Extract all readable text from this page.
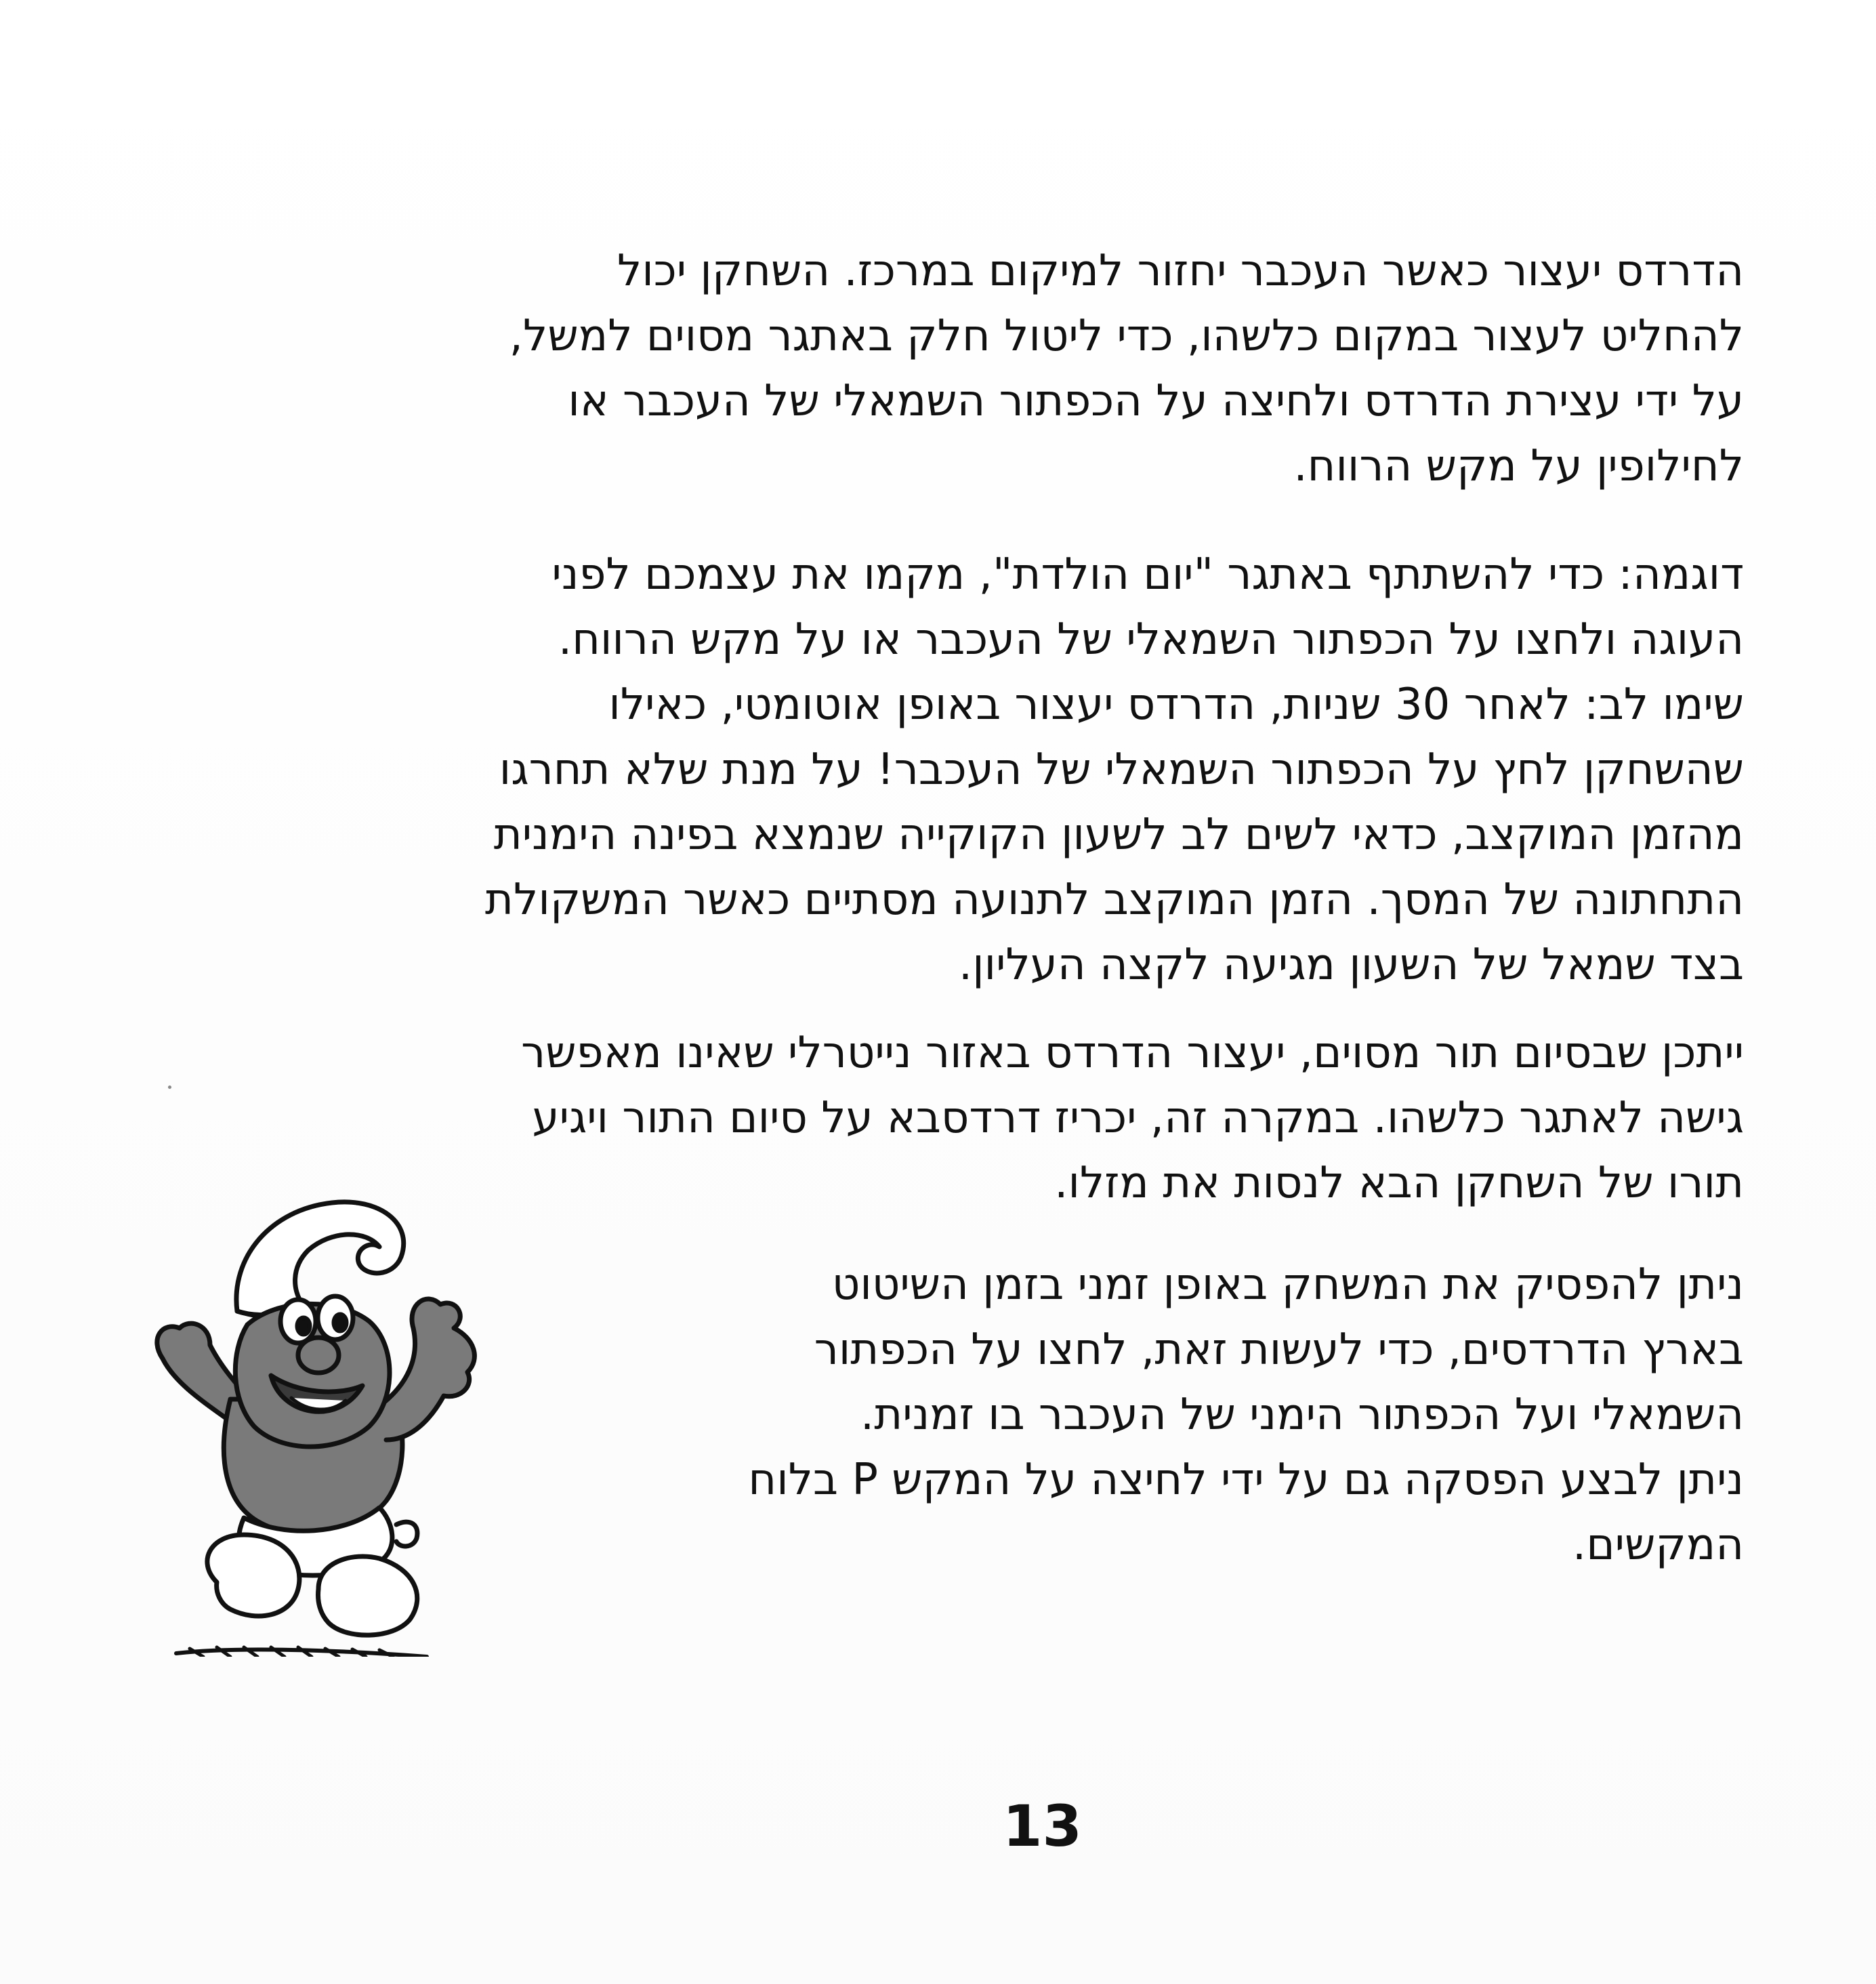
הדרדס יעצור כאשר העכבר יחזור למיקום במרכז. השחקן יכול
להחליט לעצור במקום כלשהו, כדי ליטול חלק באתגר מסוים למשל,
על ידי עצירת הדרדס ולחיצה על הכפתור השמאלי של העכבר או
לחילופין על מקש הרווח.
דוגמה: כדי להשתתף באתגר "יום הולדת", מקמו את עצמכם לפני
העוגה ולחצו על הכפתור השמאלי של העכבר או על מקש הרווח.
שימו לב: לאחר 30 שניות, הדרדס יעצור באופן אוטומטי, כאילו
שהשחקן לחץ על הכפתור השמאלי של העכבר! על מנת שלא תחרגו
מהזמן המוקצב, כדאי לשים לב לשעון הקוקייה שנמצא בפינה הימנית
התחתונה של המסך. הזמן המוקצב לתנועה מסתיים כאשר המשקולת
בצד שמאל של השעון מגיעה לקצה העליון.
ייתכן שבסיום תור מסוים, יעצור הדרדס באזור נייטרלי שאינו מאפשר
גישה לאתגר כלשהו. במקרה זה, יכריז דרדסבא על סיום התור ויגיע
תורו של השחקן הבא לנסות את מזלו.
ניתן להפסיק את המשחק באופן זמני בזמן השיטוט
בארץ הדרדסים, כדי לעשות זאת, לחצו על הכפתור
השמאלי ועל הכפתור הימני של העכבר בו זמנית.
ניתן לבצע הפסקה גם על ידי לחיצה על המקש P בלוח
המקשים.
13
